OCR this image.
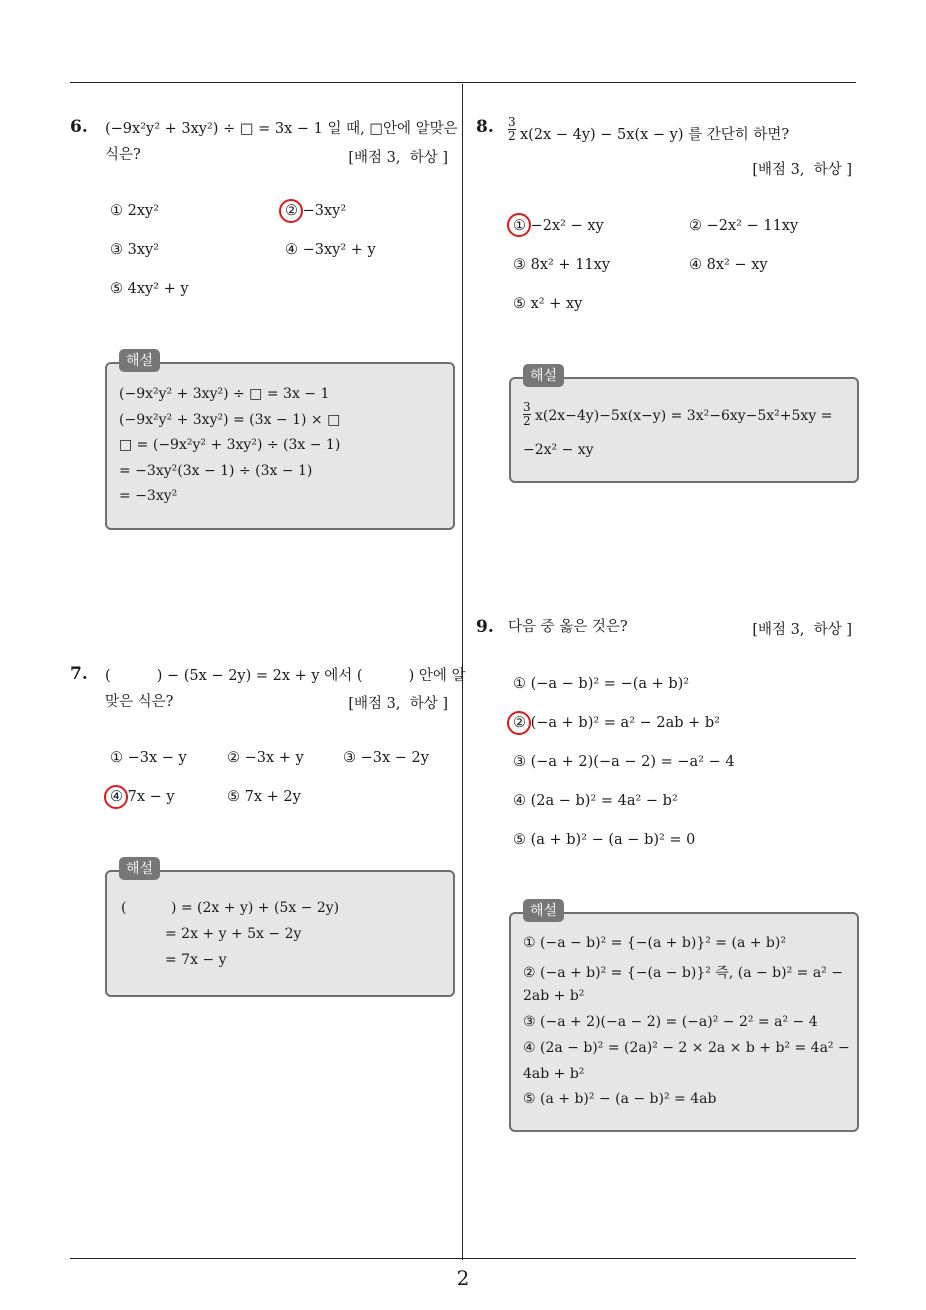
2
6. (−9x²y² + 3xy²) ÷ □ = 3x − 1 일 때, □안에 알맞은
식은?	[배점 3,  하상 ]
① 2xy²	② −3xy²
③ 3xy²	④ −3xy² + y
⑤ 4xy² + y
(−9x²y² + 3xy²) ÷ □ = 3x − 1
(−9x²y² + 3xy²) = (3x − 1) × □
□ = (−9x²y² + 3xy²) ÷ (3x − 1)
= −3xy²(3x − 1) ÷ (3x − 1)
= −3xy²
해설
7. (          ) − (5x − 2y) = 2x + y 에서 (          ) 안에 알
맞은 식은?	[배점 3,  하상 ]
① −3x − y	② −3x + y	③ −3x − 2y
④ 7x − y	⑤ 7x + 2y
(          ) = (2x + y) + (5x − 2y)
= 2x + y + 5x − 2y
= 7x − y
해설
8. $\frac{3}{2} x(2x - 4y) - 5x(x - y)$ 를 간단히 하면?
[배점 3,  하상 ]
① −2x² − xy	② −2x² − 11xy
③ 8x² + 11xy	④ 8x² − xy
⑤ x² + xy
$\frac{3}{2} x(2x-4y)-5x(x-y) = 3x^2-6xy-5x^2+5xy$ =
−2x² − xy
해설
9. 다음 중 옳은 것은?	[배점 3,  하상 ]
① (−a − b)² = −(a + b)²
② (−a + b)² = a² − 2ab + b²
③ (−a + 2)(−a − 2) = −a² − 4
④ (2a − b)² = 4a² − b²
⑤ (a + b)² − (a − b)² = 0
① (−a − b)² = {−(a + b)}² = (a + b)²
② (−a + b)² = {−(a − b)}² 즉, (a − b)² = a² −
2ab + b²
③ (−a + 2)(−a − 2) = (−a)² − 2² = a² − 4
④ (2a − b)² = (2a)² − 2 × 2a × b + b² = 4a² −
4ab + b²
⑤ (a + b)² − (a − b)² = 4ab
해설
